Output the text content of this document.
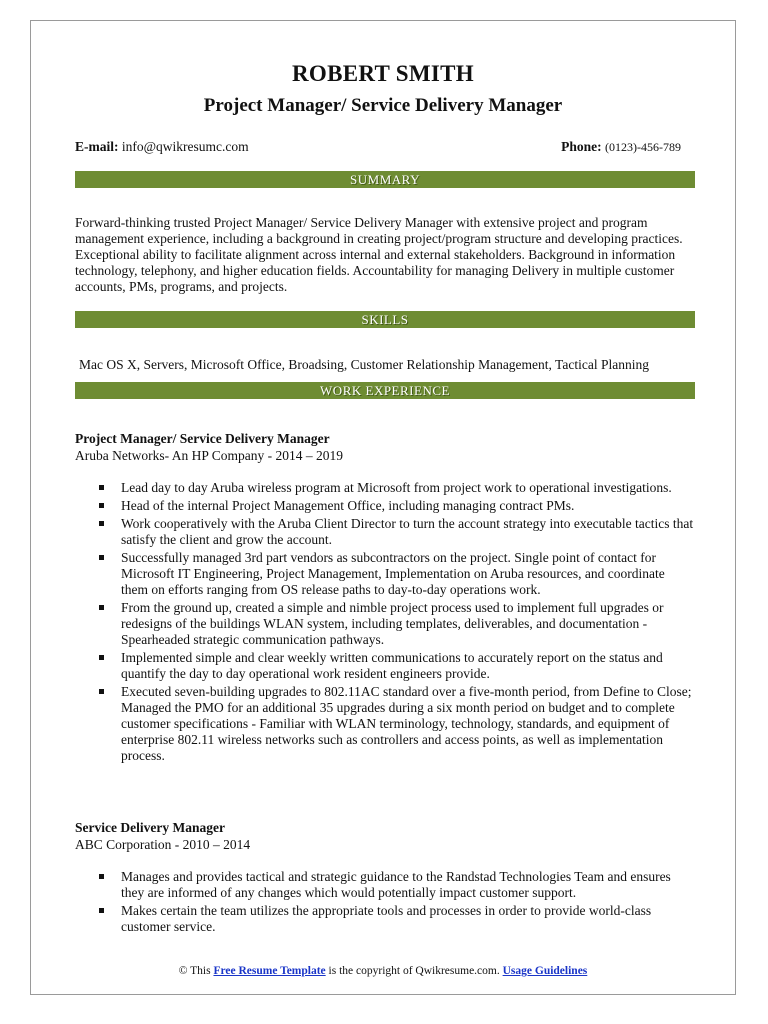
ROBERT SMITH
Project Manager/ Service Delivery Manager
E-mail: info@qwikresumc.com	Phone: (0123)-456-789
SUMMARY
Forward-thinking trusted Project Manager/ Service Delivery Manager with extensive project and program management experience, including a background in creating project/program structure and developing practices. Exceptional ability to facilitate alignment across internal and external stakeholders. Background in information technology, telephony, and higher education fields. Accountability for managing Delivery in multiple customer accounts, PMs, programs, and projects.
SKILLS
Mac OS X, Servers, Microsoft Office, Broadsing, Customer Relationship Management, Tactical Planning
WORK EXPERIENCE
Project Manager/ Service Delivery Manager
Aruba Networks- An HP Company - 2014 – 2019
Lead day to day Aruba wireless program at Microsoft from project work to operational investigations.
Head of the internal Project Management Office, including managing contract PMs.
Work cooperatively with the Aruba Client Director to turn the account strategy into executable tactics that satisfy the client and grow the account.
Successfully managed 3rd part vendors as subcontractors on the project. Single point of contact for Microsoft IT Engineering, Project Management, Implementation on Aruba resources, and coordinate them on efforts ranging from OS release paths to day-to-day operations work.
From the ground up, created a simple and nimble project process used to implement full upgrades or redesigns of the buildings WLAN system, including templates, deliverables, and documentation - Spearheaded strategic communication pathways.
Implemented simple and clear weekly written communications to accurately report on the status and quantify the day to day operational work resident engineers provide.
Executed seven-building upgrades to 802.11AC standard over a five-month period, from Define to Close; Managed the PMO for an additional 35 upgrades during a six month period on budget and to complete customer specifications - Familiar with WLAN terminology, technology, standards, and equipment of enterprise 802.11 wireless networks such as controllers and access points, as well as implementation process.
Service Delivery Manager
ABC Corporation - 2010 – 2014
Manages and provides tactical and strategic guidance to the Randstad Technologies Team and ensures they are informed of any changes which would potentially impact customer support.
Makes certain the team utilizes the appropriate tools and processes in order to provide world-class customer service.
© This Free Resume Template is the copyright of Qwikresume.com. Usage Guidelines
